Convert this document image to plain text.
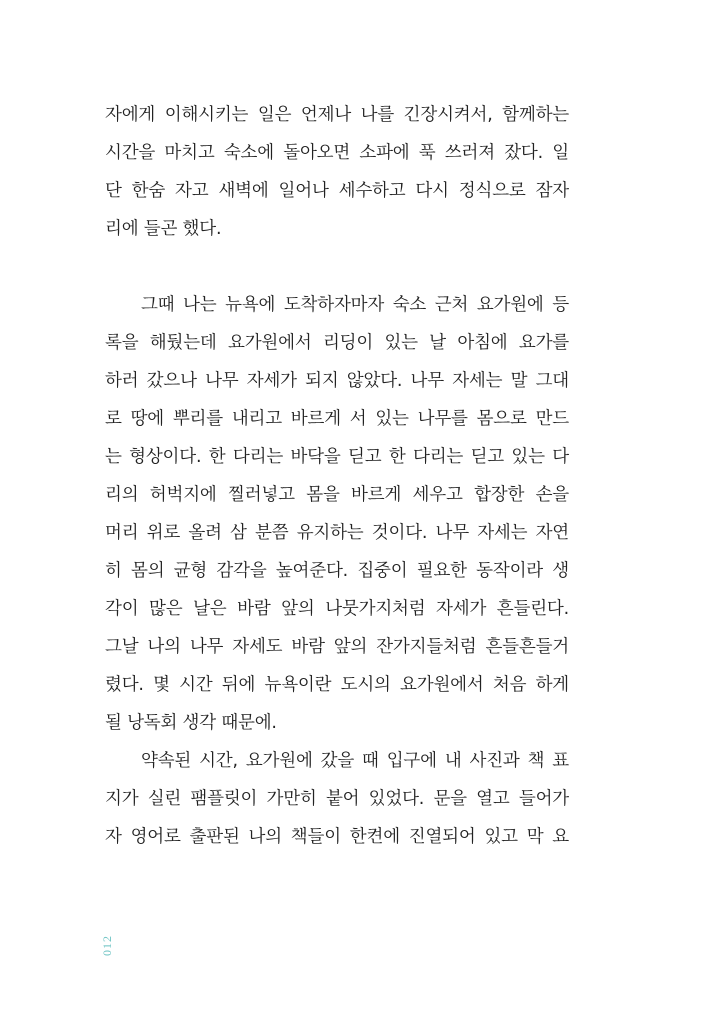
자에게 이해시키는 일은 언제나 나를 긴장시켜서, 함께하는
시간을 마치고 숙소에 돌아오면 소파에 푹 쓰러져 잤다. 일
단 한숨 자고 새벽에 일어나 세수하고 다시 정식으로 잠자
리에 들곤 했다.
그때 나는 뉴욕에 도착하자마자 숙소 근처 요가원에 등
록을 해뒀는데 요가원에서 리딩이 있는 날 아침에 요가를
하러 갔으나 나무 자세가 되지 않았다. 나무 자세는 말 그대
로 땅에 뿌리를 내리고 바르게 서 있는 나무를 몸으로 만드
는 형상이다. 한 다리는 바닥을 딛고 한 다리는 딛고 있는 다
리의 허벅지에 찔러넣고 몸을 바르게 세우고 합장한 손을
머리 위로 올려 삼 분쯤 유지하는 것이다. 나무 자세는 자연
히 몸의 균형 감각을 높여준다. 집중이 필요한 동작이라 생
각이 많은 날은 바람 앞의 나뭇가지처럼 자세가 흔들린다.
그날 나의 나무 자세도 바람 앞의 잔가지들처럼 흔들흔들거
렸다. 몇 시간 뒤에 뉴욕이란 도시의 요가원에서 처음 하게
될 낭독회 생각 때문에.
약속된 시간, 요가원에 갔을 때 입구에 내 사진과 책 표
지가 실린 팸플릿이 가만히 붙어 있었다. 문을 열고 들어가
자 영어로 출판된 나의 책들이 한켠에 진열되어 있고 막 요
012
